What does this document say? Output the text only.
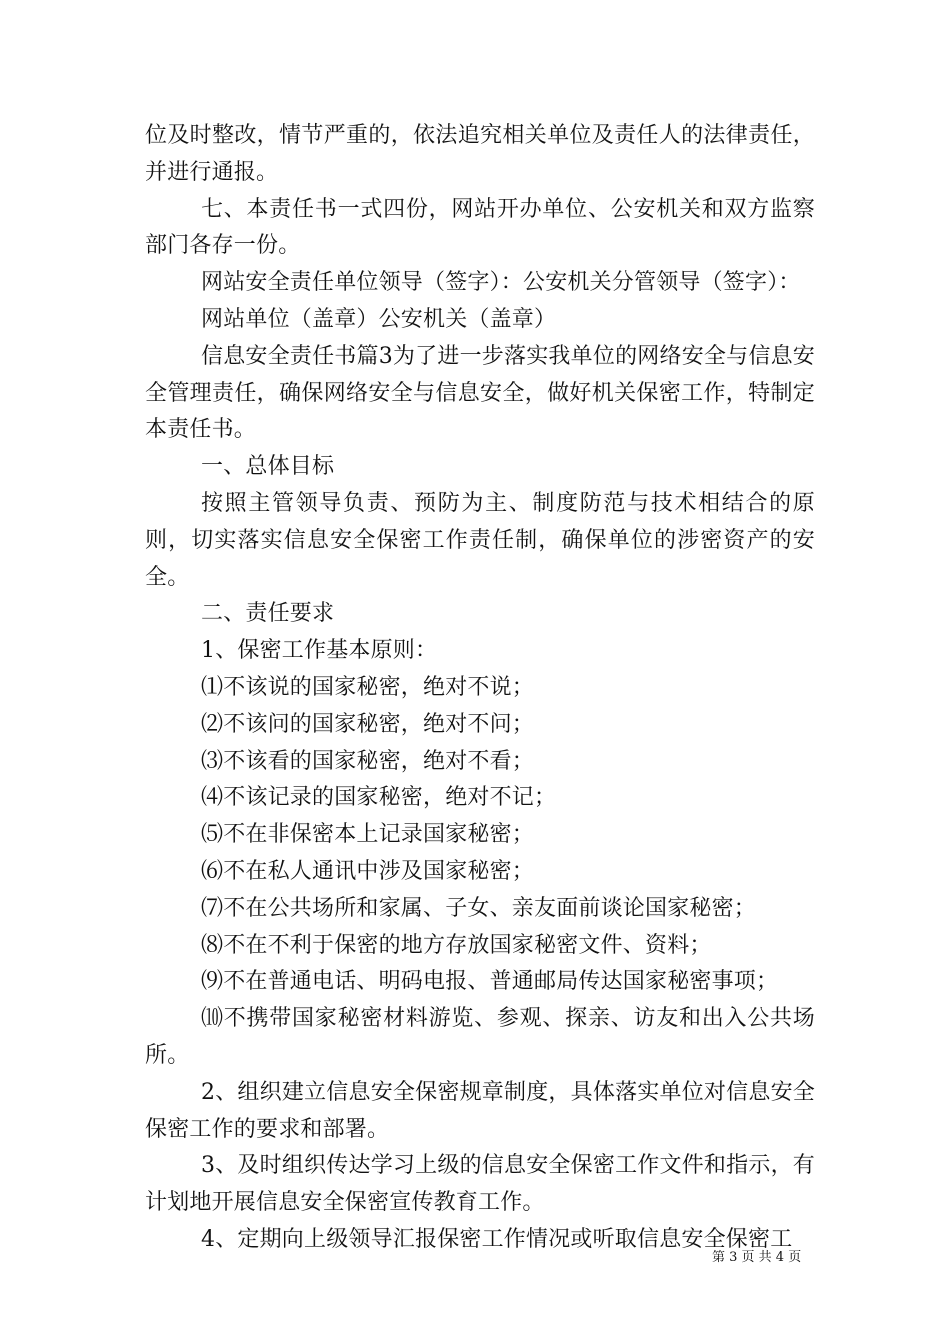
位及时整改，情节严重的，依法追究相关单位及责任人的法律责任，并进行通报。

七、本责任书一式四份，网站开办单位、公安机关和双方监察部门各存一份。

网站安全责任单位领导（签字）：公安机关分管领导（签字）：

网站单位（盖章）公安机关（盖章）

信息安全责任书篇3为了进一步落实我单位的网络安全与信息安全管理责任，确保网络安全与信息安全，做好机关保密工作，特制定本责任书。

一、总体目标

按照主管领导负责、预防为主、制度防范与技术相结合的原则，切实落实信息安全保密工作责任制，确保单位的涉密资产的安全。

二、责任要求

1、保密工作基本原则：

⑴不该说的国家秘密，绝对不说；

⑵不该问的国家秘密，绝对不问；

⑶不该看的国家秘密，绝对不看；

⑷不该记录的国家秘密，绝对不记；

⑸不在非保密本上记录国家秘密；

⑹不在私人通讯中涉及国家秘密；

⑺不在公共场所和家属、子女、亲友面前谈论国家秘密；

⑻不在不利于保密的地方存放国家秘密文件、资料；

⑼不在普通电话、明码电报、普通邮局传达国家秘密事项；

⑽不携带国家秘密材料游览、参观、探亲、访友和出入公共场所。

2、组织建立信息安全保密规章制度，具体落实单位对信息安全保密工作的要求和部署。

3、及时组织传达学习上级的信息安全保密工作文件和指示，有计划地开展信息安全保密宣传教育工作。

4、定期向上级领导汇报保密工作情况或听取信息安全保密工

第 3 页 共 4 页
